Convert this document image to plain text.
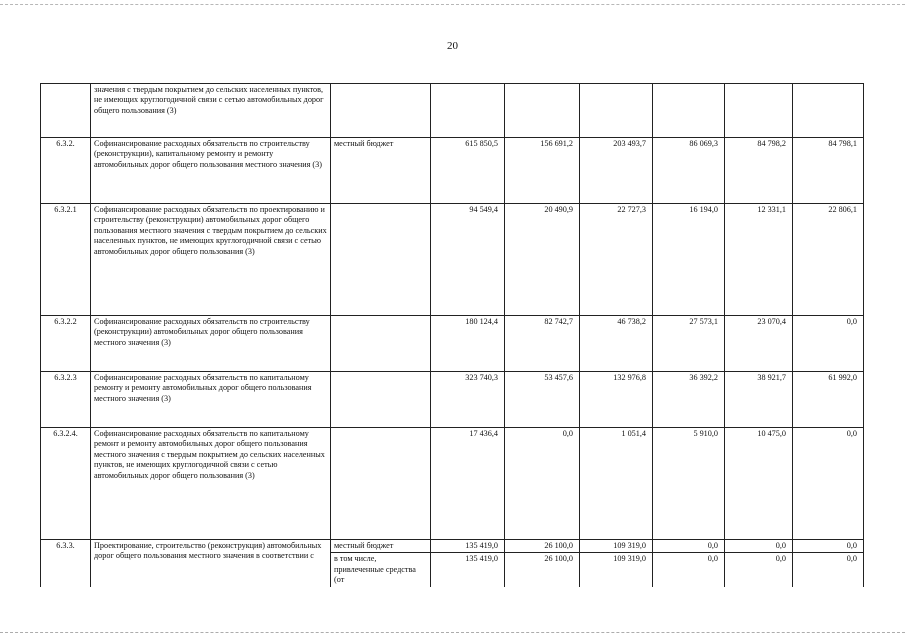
20
	значения с твердым покрытием до сельских населенных пунктов, не имеющих круглогодичной связи с сетью автомобильных дорог общего пользования (3)							
6.3.2.	Софинансирование расходных обязательств по строительству (реконструкции), капитальному ремонту и ремонту автомобильных дорог общего пользования местного значения (3)	местный бюджет	615 850,5	156 691,2	203 493,7	86 069,3	84 798,2	84 798,1
6.3.2.1	Софинансирование расходных обязательств по проектированию и строительству (реконструкции) автомобильных дорог общего пользования местного значения с твердым покрытием до сельских населенных пунктов, не имеющих круглогодичной связи с сетью автомобильных дорог общего пользования (3)		94 549,4	20 490,9	22 727,3	16 194,0	12 331,1	22 806,1
6.3.2.2	Софинансирование расходных обязательств по строительству (реконструкции) автомобильных дорог общего пользования местного значения (3)		180 124,4	82 742,7	46 738,2	27 573,1	23 070,4	0,0
6.3.2.3	Софинансирование расходных обязательств по капитальному ремонту и ремонту автомобильных дорог общего пользования местного значения (3)		323 740,3	53 457,6	132 976,8	36 392,2	38 921,7	61 992,0
6.3.2.4.	Софинансирование расходных обязательств по капитальному ремонт и ремонту автомобильных дорог общего пользования местного значения с твердым покрытием до сельских населенных пунктов, не имеющих круглогодичной связи с сетью автомобильных дорог общего пользования (3)		17 436,4	0,0	1 051,4	5 910,0	10 475,0	0,0
6.3.3.	Проектирование, строительство (реконструкция) автомобильных дорог общего пользования местного значения в соответствии с	местный бюджет	135 419,0	26 100,0	109 319,0	0,0	0,0	0,0
		в том числе, привлеченные средства (от	135 419,0	26 100,0	109 319,0	0,0	0,0	0,0
